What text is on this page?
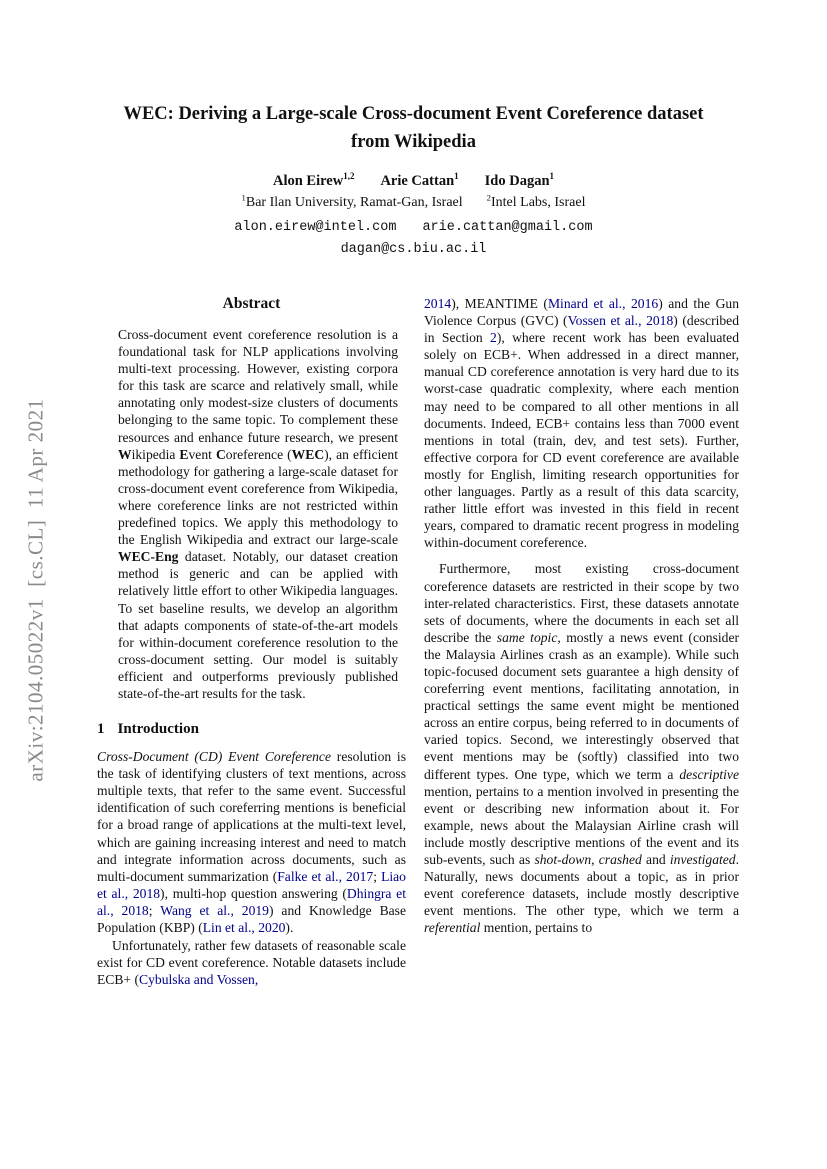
arXiv:2104.05022v1  [cs.CL]  11 Apr 2021
WEC: Deriving a Large-scale Cross-document Event Coreference dataset
from Wikipedia
Alon Eirew$^{1,2}$ Arie Cattan$^1$ Ido Dagan$^1$
$^1$Bar Ilan University, Ramat-Gan, Israel	$^2$Intel Labs, Israel
alon.eirew@intel.com arie.cattan@gmail.com
dagan@cs.biu.ac.il
Abstract

Cross-document event coreference resolution is a foundational task for NLP applications involving multi-text processing. However, existing corpora for this task are scarce and relatively small, while annotating only modest-size clusters of documents belonging to the same topic. To complement these resources and enhance future research, we present Wikipedia Event Coreference (WEC), an efficient methodology for gathering a large-scale dataset for cross-document event coreference from Wikipedia, where coreference links are not restricted within predefined topics. We apply this methodology to the English Wikipedia and extract our large-scale WEC-Eng dataset. Notably, our dataset creation method is generic and can be applied with relatively little effort to other Wikipedia languages. To set baseline results, we develop an algorithm that adapts components of state-of-the-art models for within-document coreference resolution to the cross-document setting. Our model is suitably efficient and outperforms previously published state-of-the-art results for the task.

1 Introduction

Cross-Document (CD) Event Coreference resolution is the task of identifying clusters of text mentions, across multiple texts, that refer to the same event. Successful identification of such coreferring mentions is beneficial for a broad range of applications at the multi-text level, which are gaining increasing interest and need to match and integrate information across documents, such as multi-document summarization (Falke et al., 2017; Liao et al., 2018), multi-hop question answering (Dhingra et al., 2018; Wang et al., 2019) and Knowledge Base Population (KBP) (Lin et al., 2020).

Unfortunately, rather few datasets of reasonable scale exist for CD event coreference. Notable datasets include ECB+ (Cybulska and Vossen,

2014), MEANTIME (Minard et al., 2016) and the Gun Violence Corpus (GVC) (Vossen et al., 2018) (described in Section 2), where recent work has been evaluated solely on ECB+. When addressed in a direct manner, manual CD coreference annotation is very hard due to its worst-case quadratic complexity, where each mention may need to be compared to all other mentions in all documents. Indeed, ECB+ contains less than 7000 event mentions in total (train, dev, and test sets). Further, effective corpora for CD event coreference are available mostly for English, limiting research opportunities for other languages. Partly as a result of this data scarcity, rather little effort was invested in this field in recent years, compared to dramatic recent progress in modeling within-document coreference.

Furthermore, most existing cross-document coreference datasets are restricted in their scope by two inter-related characteristics. First, these datasets annotate sets of documents, where the documents in each set all describe the same topic, mostly a news event (consider the Malaysia Airlines crash as an example). While such topic-focused document sets guarantee a high density of coreferring event mentions, facilitating annotation, in practical settings the same event might be mentioned across an entire corpus, being referred to in documents of varied topics. Second, we interestingly observed that event mentions may be (softly) classified into two different types. One type, which we term a descriptive mention, pertains to a mention involved in presenting the event or describing new information about it. For example, news about the Malaysian Airline crash will include mostly descriptive mentions of the event and its sub-events, such as shot-down, crashed and investigated. Naturally, news documents about a topic, as in prior event coreference datasets, include mostly descriptive event mentions. The other type, which we term a referential mention, pertains to
